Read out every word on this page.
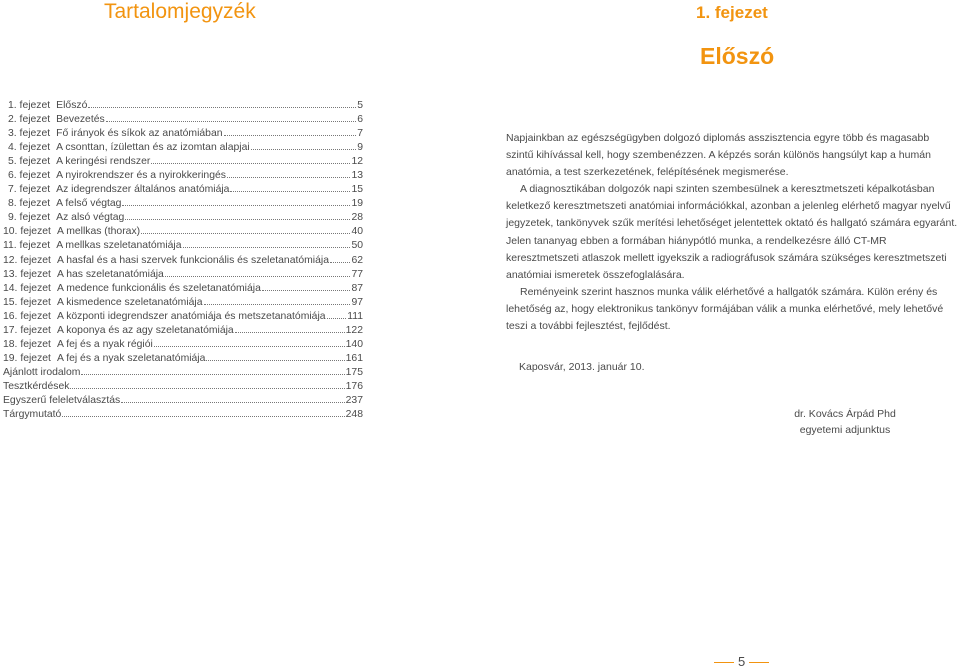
Tartalomjegyzék
1. fejezet Előszó	5
2. fejezet Bevezetés	6
3. fejezet Fő irányok és síkok az anatómiában	7
4. fejezet A csonttan, ízülettan és az izomtan alapjai	9
5. fejezet A keringési rendszer	12
6. fejezet A nyirokrendszer és a nyirokkeringés	13
7. fejezet Az idegrendszer általános anatómiája	15
8. fejezet A felső végtag	19
9. fejezet Az alsó végtag	28
10. fejezet A mellkas (thorax)	40
11. fejezet A mellkas szeletanatómiája	50
12. fejezet A hasfal és a hasi szervek funkcionális és szeletanatómiája 62
13. fejezet A has szeletanatómiája	77
14. fejezet A medence funkcionális és szeletanatómiája	87
15. fejezet A kismedence szeletanatómiája	97
16. fejezet A központi idegrendszer anatómiája és metszetanatómiája 111
17. fejezet A koponya és az agy szeletanatómiája	122
18. fejezet A fej és a nyak régiói	140
19. fejezet A fej és a nyak szeletanatómiája	161
Ajánlott irodalom	175
Tesztkérdések	176
Egyszerű feleletválasztás	237
Tárgymutató	248
1. fejezet
Előszó

Napjainkban az egészségügyben dolgozó diplomás asszisztencia egyre több és magasabb szintű kihívással kell, hogy szembenézzen. A képzés során különös hangsúlyt kap a humán anatómia, a test szerkezetének, felépítésének megismerése.

A diagnosztikában dolgozók napi szinten szembesülnek a keresztmetszeti képalkotásban keletkező keresztmetszeti anatómiai információkkal, azonban a jelenleg elérhető magyar nyelvű jegyzetek, tankönyvek szűk merítési lehetőséget jelentettek oktató és hallgató számára egyaránt. Jelen tananyag ebben a formában hiánypótló munka, a rendelkezésre álló CT-MR keresztmetszeti atlaszok mellett igyekszik a radiográfusok számára szükséges keresztmetszeti anatómiai ismeretek összefoglalására.

Reményeink szerint hasznos munka válik elérhetővé a hallgatók számára. Külön erény és lehetőség az, hogy elektronikus tankönyv formájában válik a munka elérhetővé, mely lehetővé teszi a további fejlesztést, fejlődést.

Kaposvár, 2013. január 10.
dr. Kovács Árpád Phd
egyetemi adjunktus
5
